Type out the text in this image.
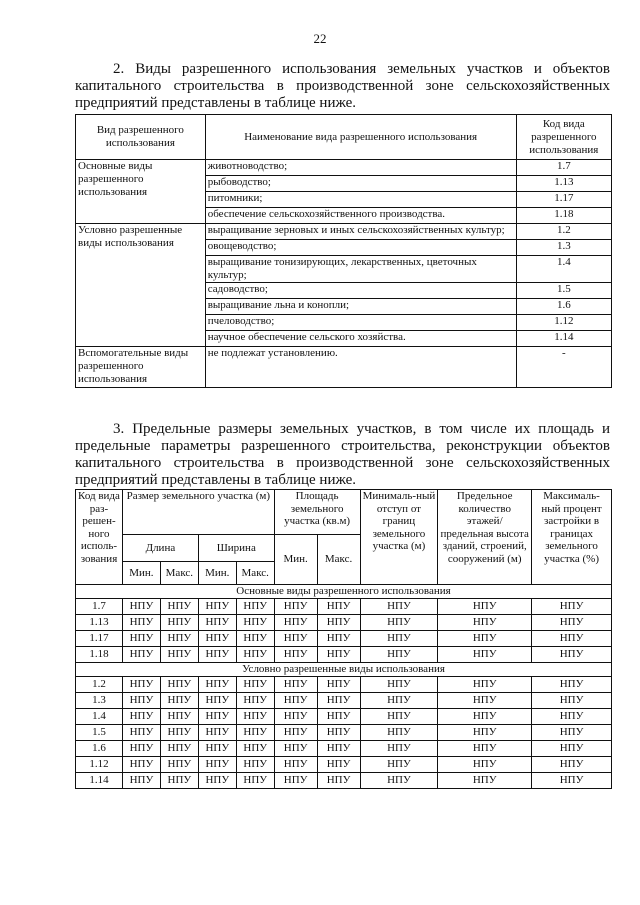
22

2. Виды разрешенного использования земельных участков и объектов капитального строительства в производственной зоне сельскохозяйственных предприятий представлены в таблице ниже.

Вид разрешенного использования	Наименование вида разрешенного использования	Код вида разрешенного использования
Основные виды разрешенного использования	животноводство;	1.7
	рыбоводство;	1.13
	питомники;	1.17
	обеспечение сельскохозяйственного производства.	1.18
Условно разрешенные виды использования	выращивание зерновых и иных сельскохозяйственных культур;	1.2
	овощеводство;	1.3
	выращивание тонизирующих, лекарственных, цветочных культур;	1.4
	садоводство;	1.5
	выращивание льна и конопли;	1.6
	пчеловодство;	1.12
	научное обеспечение сельского хозяйства.	1.14
Вспомогательные виды разрешенного использования	не подлежат установлению.	-

3. Предельные размеры земельных участков, в том числе их площадь и предельные параметры разрешенного строительства, реконструкции объектов капитального строительства в производственной зоне сельскохозяйственных предприятий представлены в таблице ниже.

Код вида раз-решен-ного исполь-зования	Размер земельного участка (м)				Площадь земельного участка (кв.м)		Минималь-ный отступ от границ земельного участка (м)	Предельное количество этажей/ предельная высота зданий, строений, сооружений (м)	Максималь-ный процент застройки в границах земельного участка (%)
	Длина		Ширина		Мин.	Макс.			
	Мин.	Макс.	Мин.	Макс.					
Основные виды разрешенного использования									
1.7	НПУ	НПУ	НПУ	НПУ	НПУ	НПУ	НПУ	НПУ	НПУ
1.13	НПУ	НПУ	НПУ	НПУ	НПУ	НПУ	НПУ	НПУ	НПУ
1.17	НПУ	НПУ	НПУ	НПУ	НПУ	НПУ	НПУ	НПУ	НПУ
1.18	НПУ	НПУ	НПУ	НПУ	НПУ	НПУ	НПУ	НПУ	НПУ
Условно разрешенные виды использования									
1.2	НПУ	НПУ	НПУ	НПУ	НПУ	НПУ	НПУ	НПУ	НПУ
1.3	НПУ	НПУ	НПУ	НПУ	НПУ	НПУ	НПУ	НПУ	НПУ
1.4	НПУ	НПУ	НПУ	НПУ	НПУ	НПУ	НПУ	НПУ	НПУ
1.5	НПУ	НПУ	НПУ	НПУ	НПУ	НПУ	НПУ	НПУ	НПУ
1.6	НПУ	НПУ	НПУ	НПУ	НПУ	НПУ	НПУ	НПУ	НПУ
1.12	НПУ	НПУ	НПУ	НПУ	НПУ	НПУ	НПУ	НПУ	НПУ
1.14	НПУ	НПУ	НПУ	НПУ	НПУ	НПУ	НПУ	НПУ	НПУ
